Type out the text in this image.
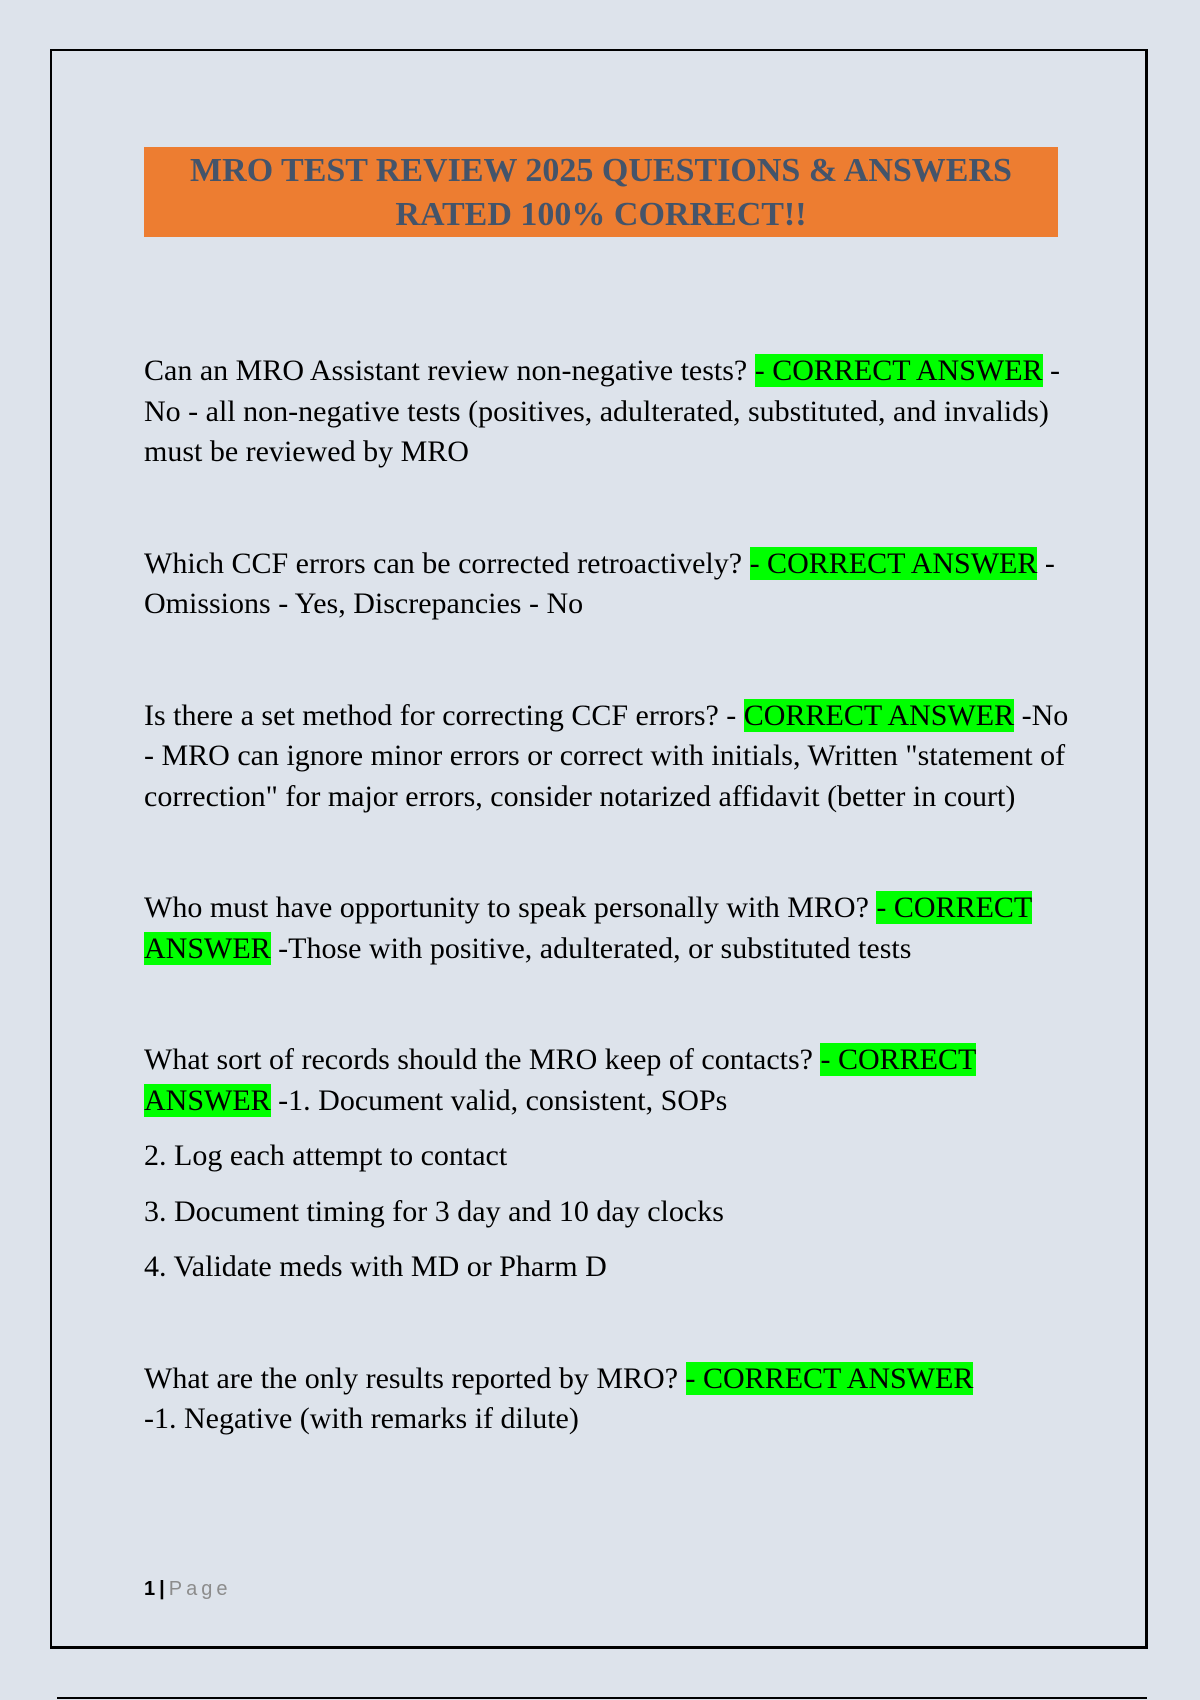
MRO TEST REVIEW 2025 QUESTIONS & ANSWERS
RATED 100% CORRECT!!

Can an MRO Assistant review non-negative tests? - CORRECT ANSWER -No - all non-negative tests (positives, adulterated, substituted, and invalids) must be reviewed by MRO

Which CCF errors can be corrected retroactively? - CORRECT ANSWER -Omissions - Yes, Discrepancies - No

Is there a set method for correcting CCF errors? - CORRECT ANSWER -No - MRO can ignore minor errors or correct with initials, Written "statement of correction" for major errors, consider notarized affidavit (better in court)

Who must have opportunity to speak personally with MRO? - CORRECT ANSWER -Those with positive, adulterated, or substituted tests

What sort of records should the MRO keep of contacts? - CORRECT ANSWER -1. Document valid, consistent, SOPs

2. Log each attempt to contact

3. Document timing for 3 day and 10 day clocks

4. Validate meds with MD or Pharm D

What are the only results reported by MRO? - CORRECT ANSWER
-1. Negative (with remarks if dilute)

1 | Page
